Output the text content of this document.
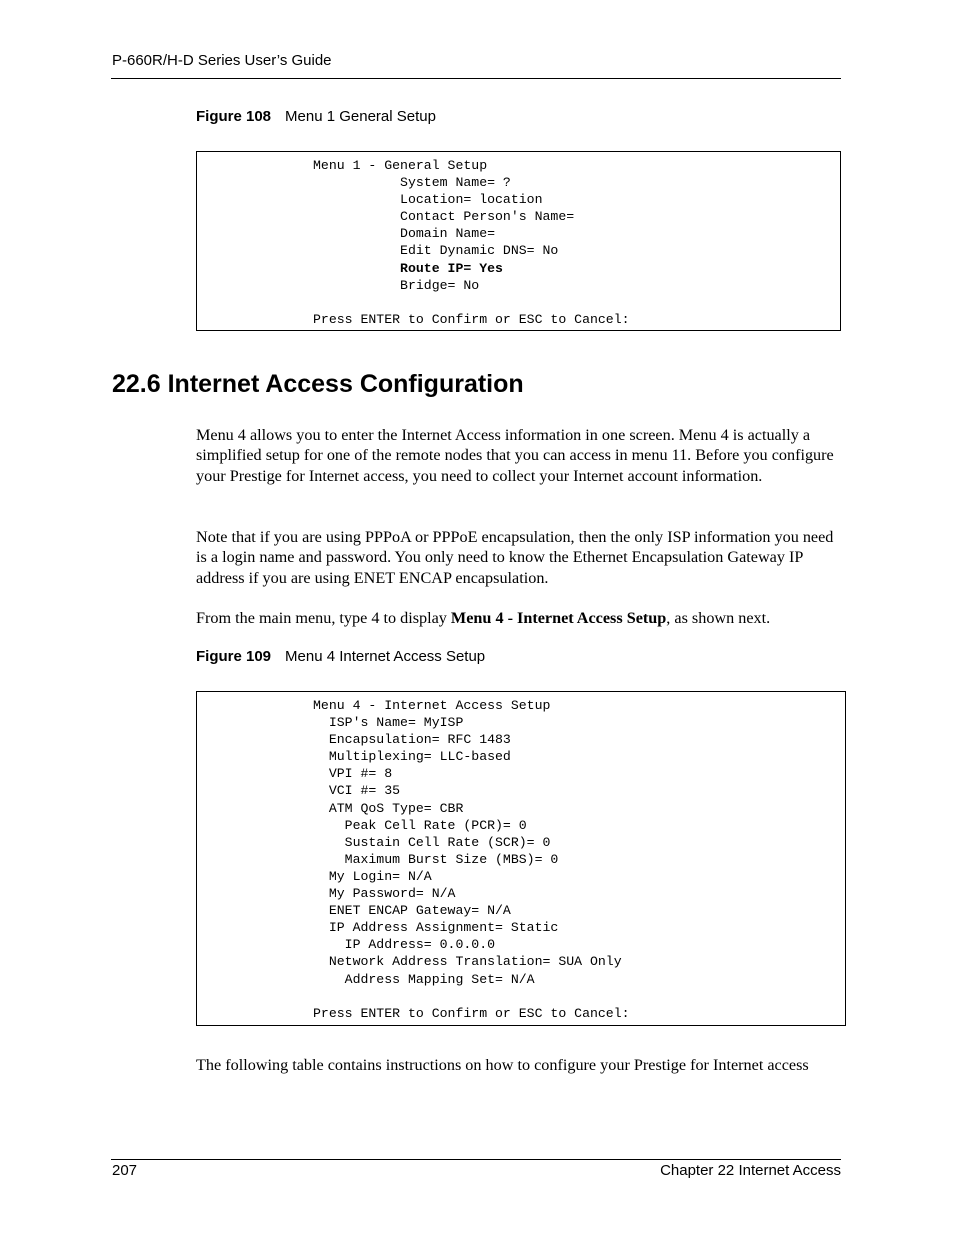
P-660R/H-D Series User’s Guide
Figure 108 Menu 1 General Setup
Menu 1 - General Setup
System Name= ?
Location= location
Contact Person's Name=
Domain Name=
Edit Dynamic DNS= No
Route IP= Yes
Bridge= No
Press ENTER to Confirm or ESC to Cancel:
22.6 Internet Access Configuration

Menu 4 allows you to enter the Internet Access information in one screen. Menu 4 is actually a simplified setup for one of the remote nodes that you can access in menu 11. Before you configure your Prestige for Internet access, you need to collect your Internet account information.

Note that if you are using PPPoA or PPPoE encapsulation, then the only ISP information you need is a login name and password. You only need to know the Ethernet Encapsulation Gateway IP address if you are using ENET ENCAP encapsulation.

From the main menu, type 4 to display Menu 4 - Internet Access Setup, as shown next.

Figure 109 Menu 4 Internet Access Setup
Menu 4 - Internet Access Setup
ISP's Name= MyISP
Encapsulation= RFC 1483
Multiplexing= LLC-based
VPI #= 8
VCI #= 35
ATM QoS Type= CBR
Peak Cell Rate (PCR)= 0
Sustain Cell Rate (SCR)= 0
Maximum Burst Size (MBS)= 0
My Login= N/A
My Password= N/A
ENET ENCAP Gateway= N/A
IP Address Assignment= Static
IP Address= 0.0.0.0
Network Address Translation= SUA Only
Address Mapping Set= N/A
Press ENTER to Confirm or ESC to Cancel:

The following table contains instructions on how to configure your Prestige for Internet access

207	Chapter 22 Internet Access
